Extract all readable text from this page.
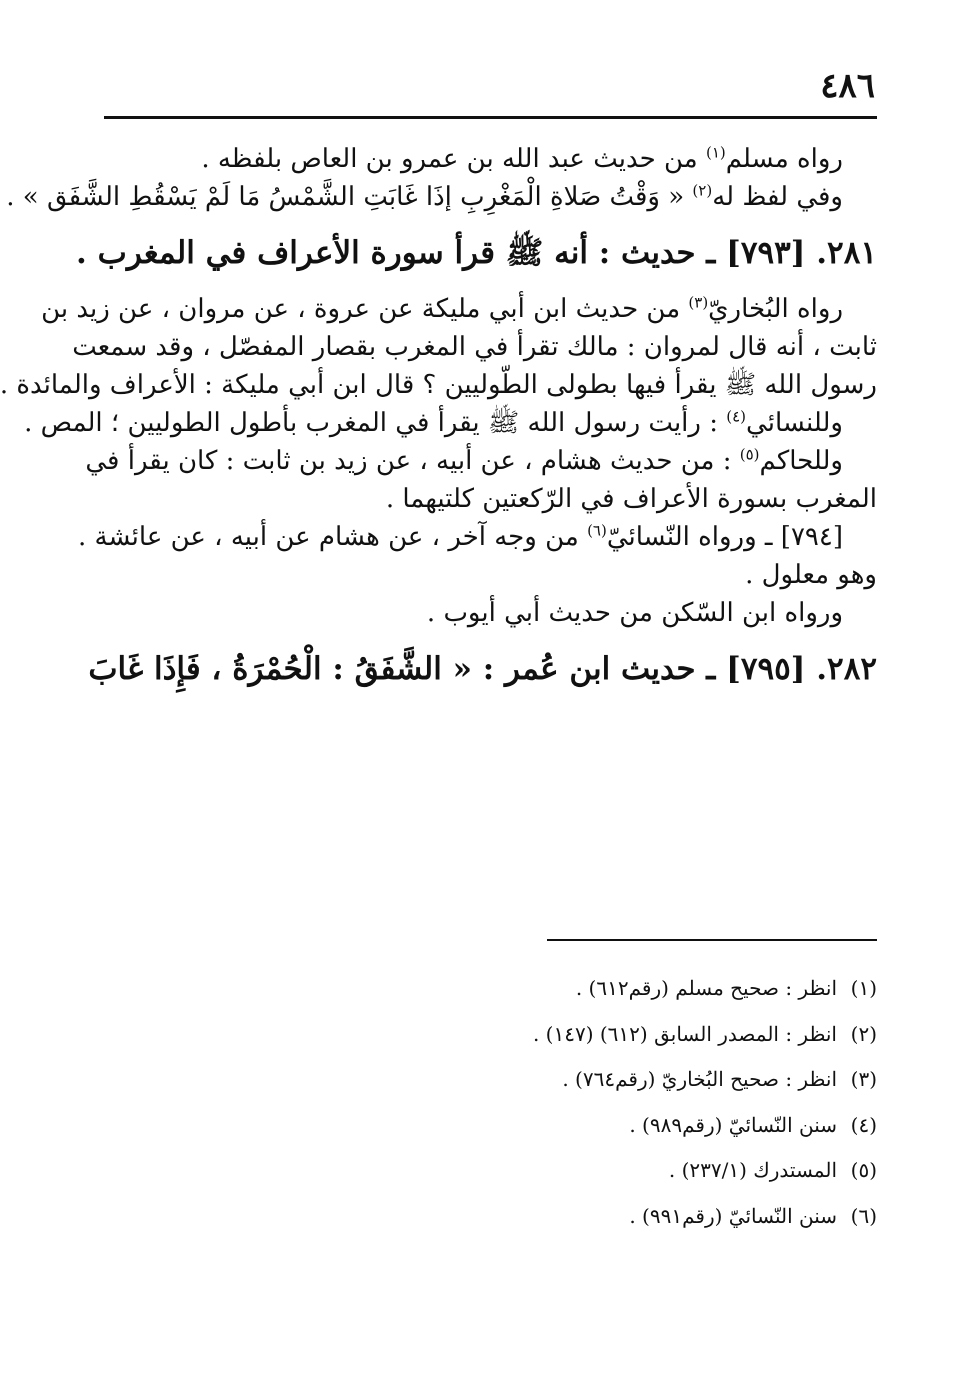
٤٨٦
رواه مسلم$^{(١)}$ من حديث عبد الله بن عمرو بن العاص بلفظه .
وفي لفظ له$^{(٢)}$ « وَقْتُ صَلاةِ الْمَغْرِبِ إذَا غَابَتِ الشَّمْسُ مَا لَمْ يَسْقُطِ الشَّفَق » .
٢٨١. [٧٩٣] ـ حديث : أنه ﷺ قرأ سورة الأعراف في المغرب .
رواه البُخاريّ$^{(٣)}$ من حديث ابن أبي مليكة عن عروة ، عن مروان ، عن زيد بن
ثابت ، أنه قال لمروان : مالك تقرأ في المغرب بقصار المفصّل ، وقد سمعت
رسول الله ﷺ يقرأ فيها بطولى الطّوليين ؟ قال ابن أبي مليكة : الأعراف والمائدة .
وللنسائي$^{(٤)}$ : رأيت رسول الله ﷺ يقرأ في المغرب بأطول الطوليين ؛ المص .
وللحاكم$^{(٥)}$ : من حديث هشام ، عن أبيه ، عن زيد بن ثابت : كان يقرأ في
المغرب بسورة الأعراف في الرّكعتين كلتيهما .
[٧٩٤] ـ ورواه النّسائيّ$^{(٦)}$ من وجه آخر ، عن هشام عن أبيه ، عن عائشة .
وهو معلول .
ورواه ابن السّكن من حديث أبي أيوب .
٢٨٢. [٧٩٥] ـ حديث ابن عُمر : « الشَّفَقُ : الْحُمْرَةُ ، فَإِذَا غَابَ
(١)انظر : صحيح مسلم (رقم٦١٢) .
(٢)انظر : المصدر السابق (٦١٢) (١٤٧) .
(٣)انظر : صحيح البُخاريّ (رقم٧٦٤) .
(٤)سنن النّسائيّ (رقم٩٨٩) .
(٥)المستدرك (٢٣٧/١) .
(٦)سنن النّسائيّ (رقم٩٩١) .
